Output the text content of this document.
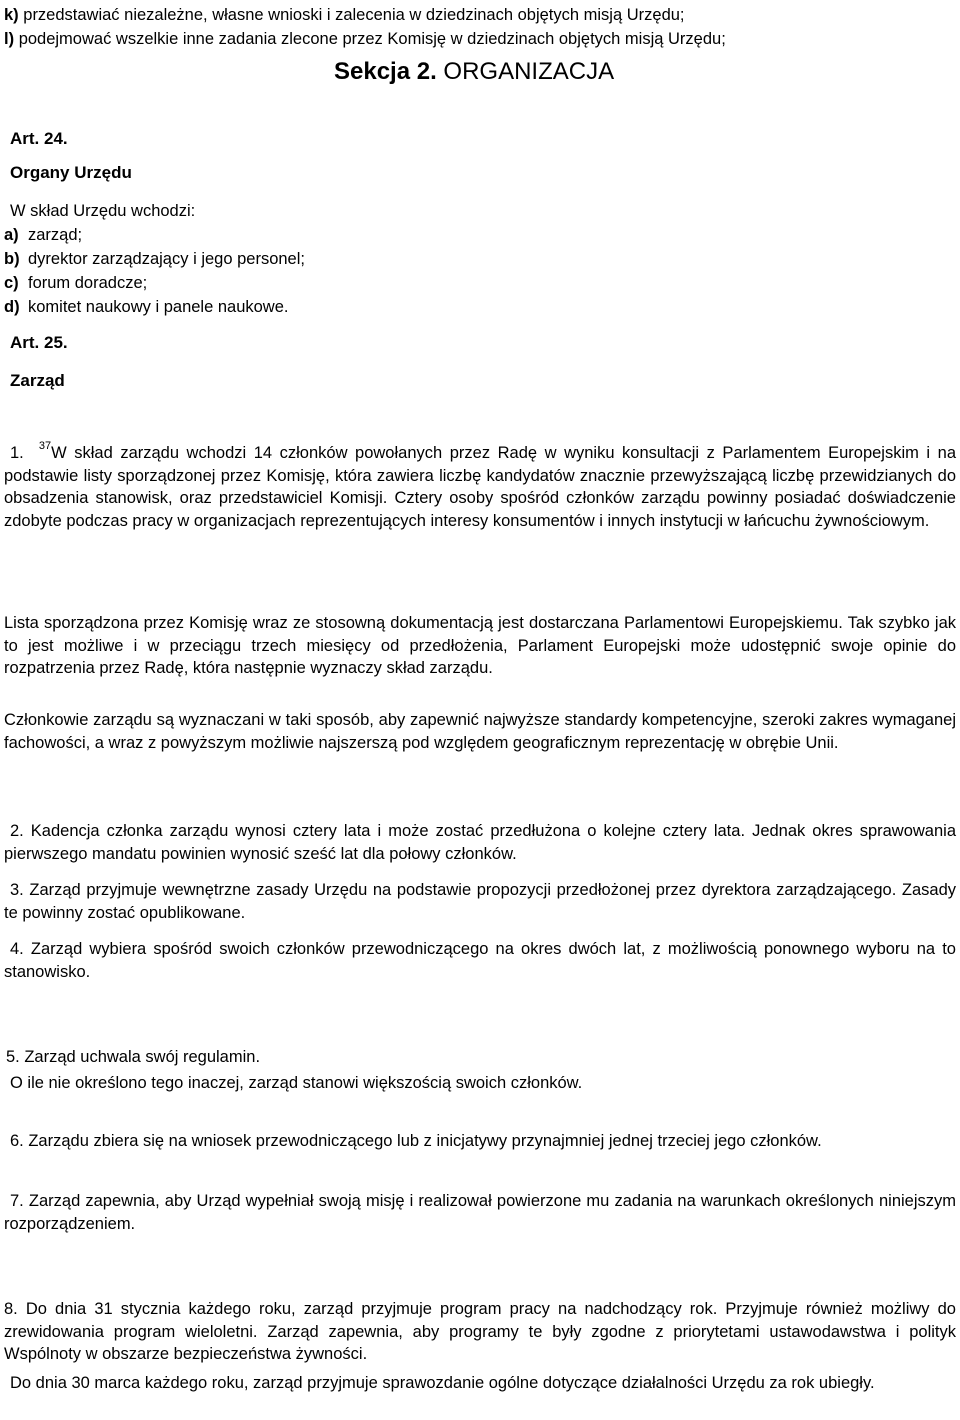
k) przedstawiać niezależne, własne wnioski i zalecenia w dziedzinach objętych misją Urzędu;
l) podejmować wszelkie inne zadania zlecone przez Komisję w dziedzinach objętych misją Urzędu;
Sekcja 2. ORGANIZACJA
Art. 24.
Organy Urzędu
W skład Urzędu wchodzi:
a) zarząd;
b) dyrektor zarządzający i jego personel;
c) forum doradcze;
d) komitet naukowy i panele naukowe.
Art. 25.
Zarząd
1. $^{37}$W skład zarządu wchodzi 14 członków powołanych przez Radę w wyniku konsultacji z Parlamentem Europejskim i na podstawie listy sporządzonej przez Komisję, która zawiera liczbę kandydatów znacznie przewyższającą liczbę przewidzianych do obsadzenia stanowisk, oraz przedstawiciel Komisji. Cztery osoby spośród członków zarządu powinny posiadać doświadczenie zdobyte podczas pracy w organizacjach reprezentujących interesy konsumentów i innych instytucji w łańcuchu żywnościowym.
Lista sporządzona przez Komisję wraz ze stosowną dokumentacją jest dostarczana Parlamentowi Europejskiemu. Tak szybko jak to jest możliwe i w przeciągu trzech miesięcy od przedłożenia, Parlament Europejski może udostępnić swoje opinie do rozpatrzenia przez Radę, która następnie wyznaczy skład zarządu.
Członkowie zarządu są wyznaczani w taki sposób, aby zapewnić najwyższe standardy kompetencyjne, szeroki zakres wymaganej fachowości, a wraz z powyższym możliwie najszerszą pod względem geograficznym reprezentację w obrębie Unii.
2. Kadencja członka zarządu wynosi cztery lata i może zostać przedłużona o kolejne cztery lata. Jednak okres sprawowania pierwszego mandatu powinien wynosić sześć lat dla połowy członków.
3. Zarząd przyjmuje wewnętrzne zasady Urzędu na podstawie propozycji przedłożonej przez dyrektora zarządzającego. Zasady te powinny zostać opublikowane.
4. Zarząd wybiera spośród swoich członków przewodniczącego na okres dwóch lat, z możliwością ponownego wyboru na to stanowisko.
5. Zarząd uchwala swój regulamin.
O ile nie określono tego inaczej, zarząd stanowi większością swoich członków.
6. Zarządu zbiera się na wniosek przewodniczącego lub z inicjatywy przynajmniej jednej trzeciej jego członków.
7. Zarząd zapewnia, aby Urząd wypełniał swoją misję i realizował powierzone mu zadania na warunkach określonych niniejszym rozporządzeniem.
8. Do dnia 31 stycznia każdego roku, zarząd przyjmuje program pracy na nadchodzący rok. Przyjmuje również możliwy do zrewidowania program wieloletni. Zarząd zapewnia, aby programy te były zgodne z priorytetami ustawodawstwa i polityk Wspólnoty w obszarze bezpieczeństwa żywności.
Do dnia 30 marca każdego roku, zarząd przyjmuje sprawozdanie ogólne dotyczące działalności Urzędu za rok ubiegły.
